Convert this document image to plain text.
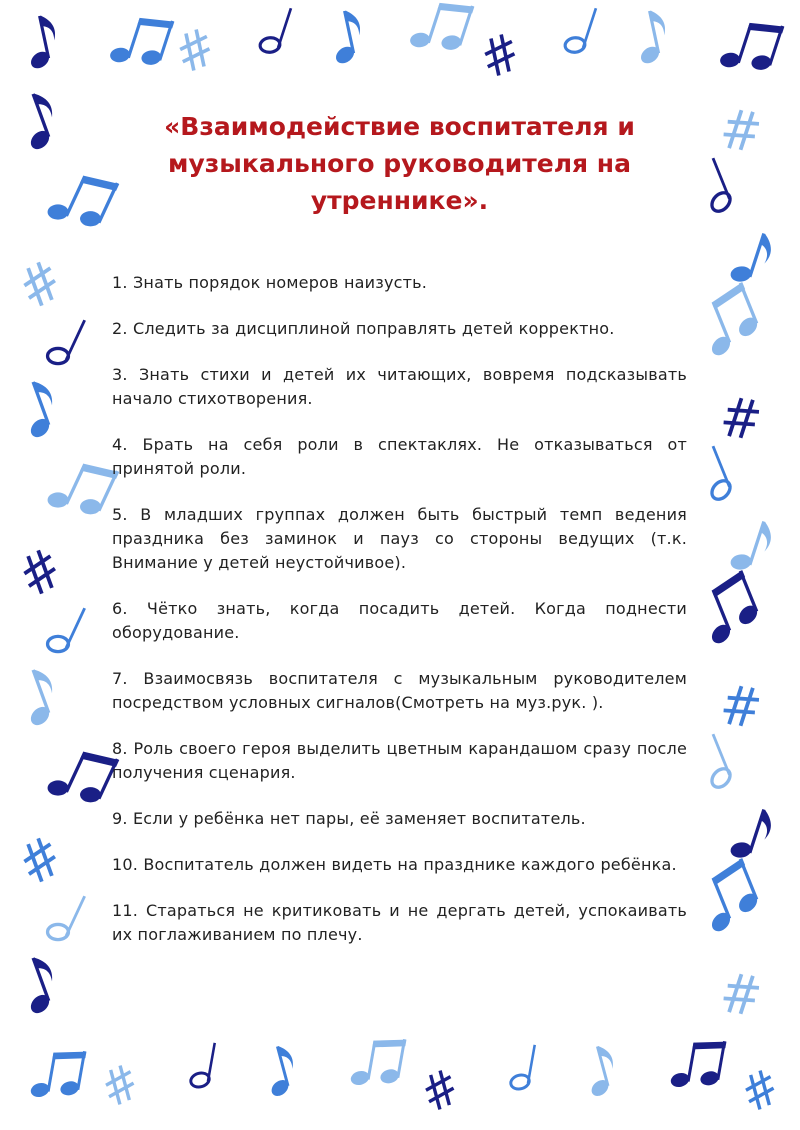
«Взаимодействие воспитателя и музыкального руководителя на утреннике».

1. Знать порядок номеров наизусть.

2. Следить за дисциплиной поправлять детей корректно.

3. Знать стихи и детей их читающих, вовремя подсказывать начало стихотворения.

4. Брать на себя роли в спектаклях. Не отказываться от принятой роли.

5. В младших группах должен быть быстрый темп ведения праздника без заминок и пауз со стороны ведущих (т.к. Внимание у детей неустойчивое).

6. Чётко знать, когда посадить детей. Когда поднести оборудование.

7. Взаимосвязь воспитателя с музыкальным руководителем посредством условных сигналов(Смотреть на муз.рук. ).

8. Роль своего героя выделить цветным карандашом сразу после получения сценария.

9. Если у ребёнка нет пары, её заменяет воспитатель.

10. Воспитатель должен видеть на празднике каждого ребёнка.

11. Стараться не критиковать и не дергать детей, успокаивать их поглаживанием по плечу.
